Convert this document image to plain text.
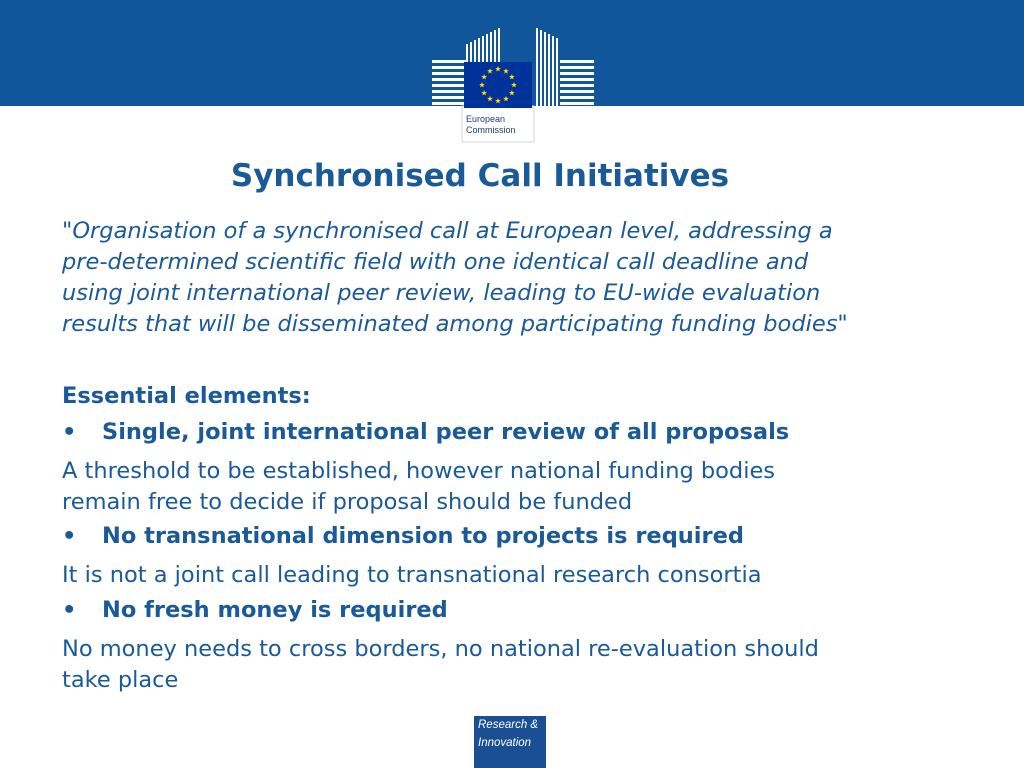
European
Commission
Synchronised Call Initiatives

"Organisation of a synchronised call at European level, addressing a
pre-determined scientific field with one identical call deadline and
using joint international peer review, leading to EU-wide evaluation
results that will be disseminated among participating funding bodies"

Essential elements:

• Single, joint international peer review of all proposals

A threshold to be established, however national funding bodies
remain free to decide if proposal should be funded

• No transnational dimension to projects is required

It is not a joint call leading to transnational research consortia

• No fresh money is required

No money needs to cross borders, no national re-evaluation should
take place

Research &
Innovation
